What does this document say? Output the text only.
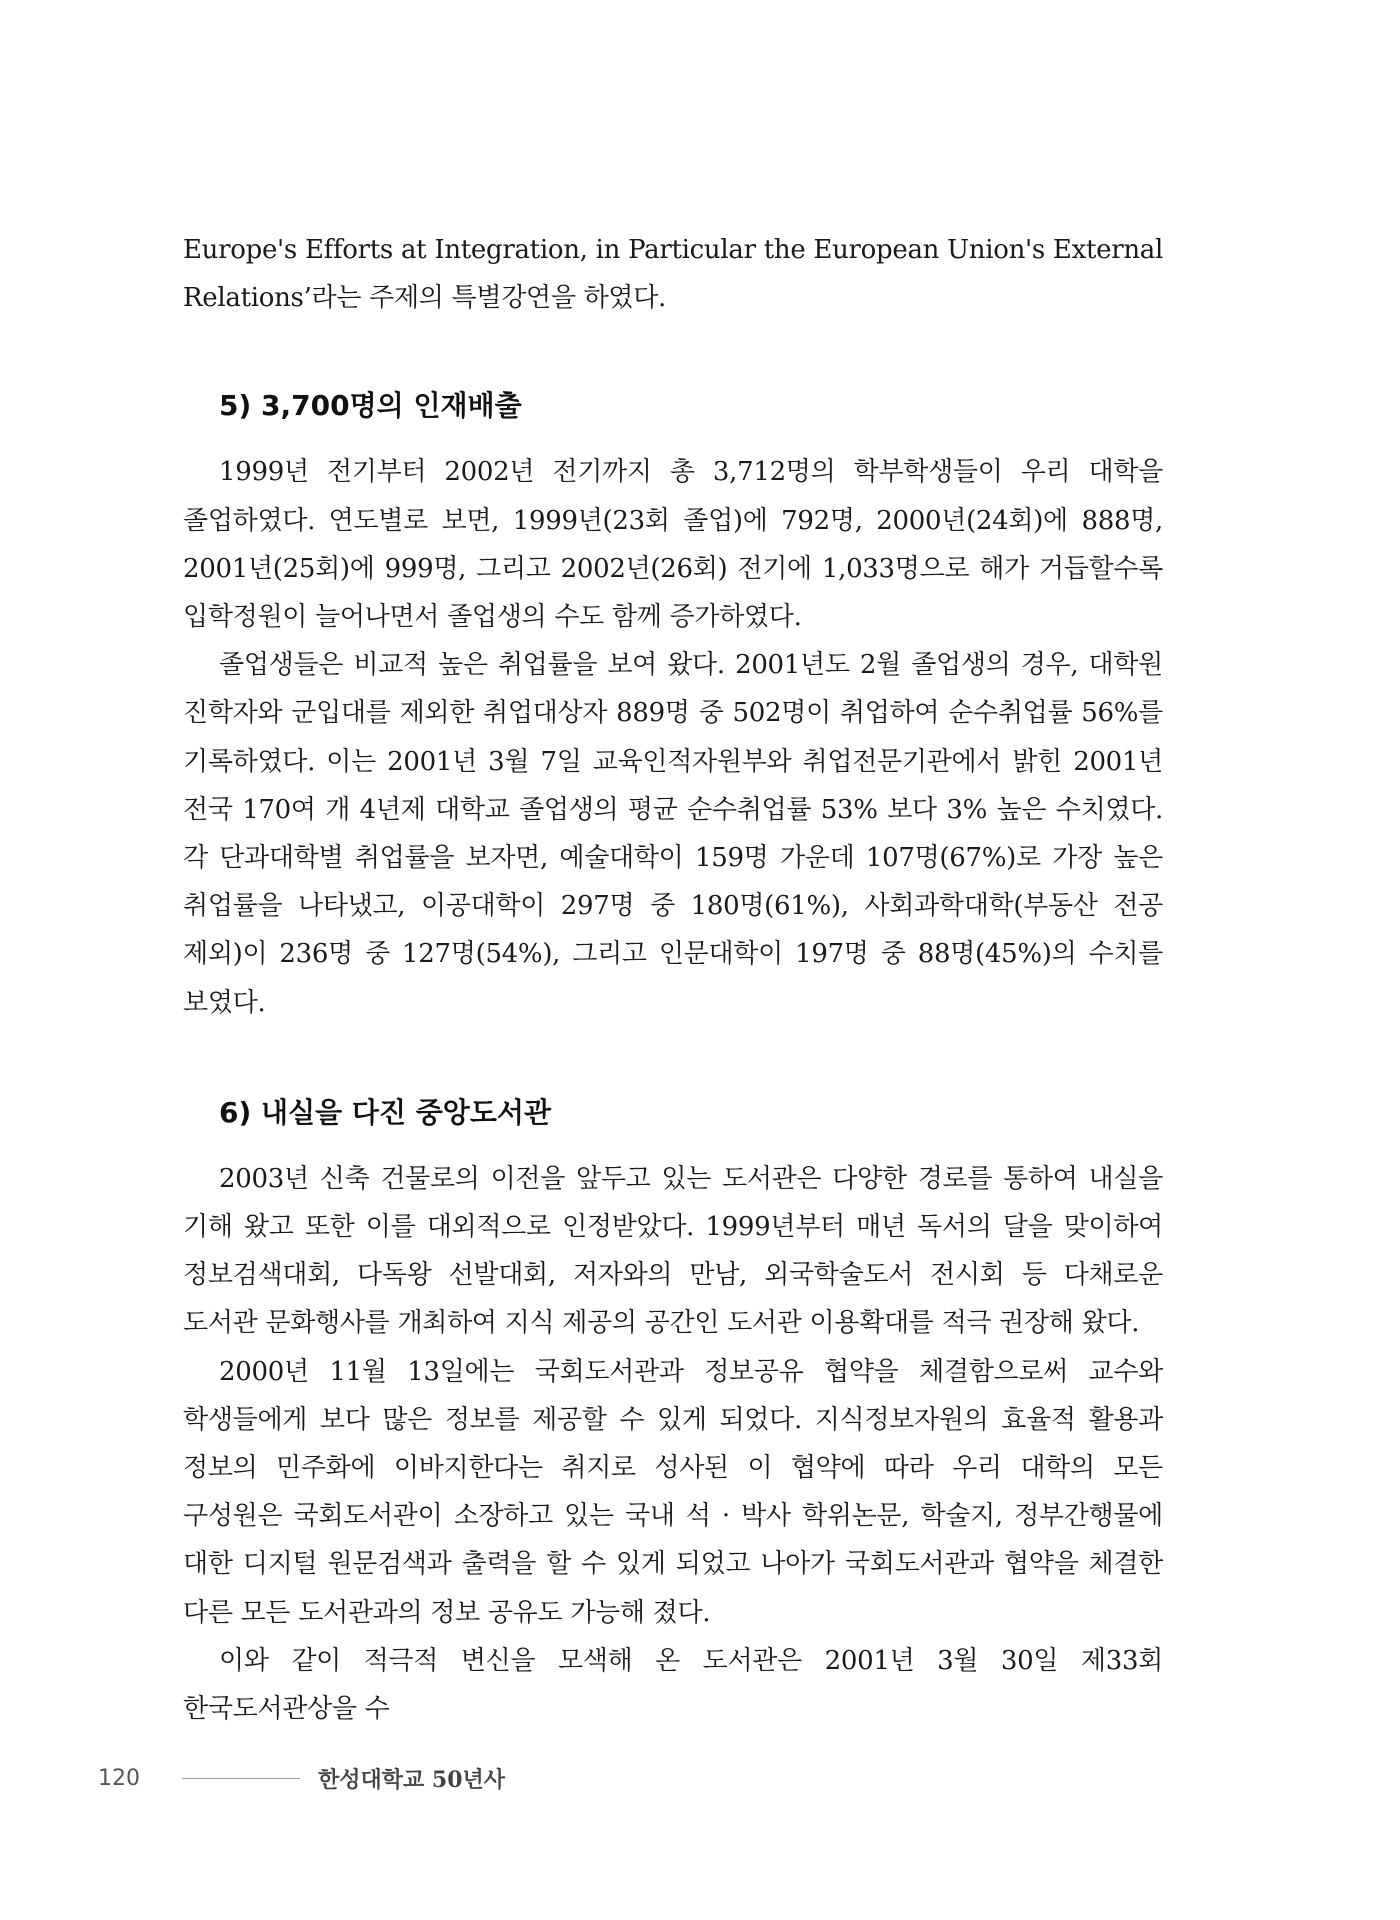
Europe's Efforts at Integration, in Particular the European Union's External Relations’라는 주제의 특별강연을 하였다.

5) 3,700명의 인재배출

1999년 전기부터 2002년 전기까지 총 3,712명의 학부학생들이 우리 대학을 졸업하였다. 연도별로 보면, 1999년(23회 졸업)에 792명, 2000년(24회)에 888명, 2001년(25회)에 999명, 그리고 2002년(26회) 전기에 1,033명으로 해가 거듭할수록 입학정원이 늘어나면서 졸업생의 수도 함께 증가하였다.

졸업생들은 비교적 높은 취업률을 보여 왔다. 2001년도 2월 졸업생의 경우, 대학원 진학자와 군입대를 제외한 취업대상자 889명 중 502명이 취업하여 순수취업률 56%를 기록하였다. 이는 2001년 3월 7일 교육인적자원부와 취업전문기관에서 밝힌 2001년 전국 170여 개 4년제 대학교 졸업생의 평균 순수취업률 53% 보다 3% 높은 수치였다. 각 단과대학별 취업률을 보자면, 예술대학이 159명 가운데 107명(67%)로 가장 높은 취업률을 나타냈고, 이공대학이 297명 중 180명(61%), 사회과학대학(부동산 전공 제외)이 236명 중 127명(54%), 그리고 인문대학이 197명 중 88명(45%)의 수치를 보였다.

6) 내실을 다진 중앙도서관

2003년 신축 건물로의 이전을 앞두고 있는 도서관은 다양한 경로를 통하여 내실을 기해 왔고 또한 이를 대외적으로 인정받았다. 1999년부터 매년 독서의 달을 맞이하여 정보검색대회, 다독왕 선발대회, 저자와의 만남, 외국학술도서 전시회 등 다채로운 도서관 문화행사를 개최하여 지식 제공의 공간인 도서관 이용확대를 적극 권장해 왔다.

2000년 11월 13일에는 국회도서관과 정보공유 협약을 체결함으로써 교수와 학생들에게 보다 많은 정보를 제공할 수 있게 되었다. 지식정보자원의 효율적 활용과 정보의 민주화에 이바지한다는 취지로 성사된 이 협약에 따라 우리 대학의 모든 구성원은 국회도서관이 소장하고 있는 국내 석 · 박사 학위논문, 학술지, 정부간행물에 대한 디지털 원문검색과 출력을 할 수 있게 되었고 나아가 국회도서관과 협약을 체결한 다른 모든 도서관과의 정보 공유도 가능해 졌다.

이와 같이 적극적 변신을 모색해 온 도서관은 2001년 3월 30일 제33회 한국도서관상을 수

120	한성대학교 50년사
